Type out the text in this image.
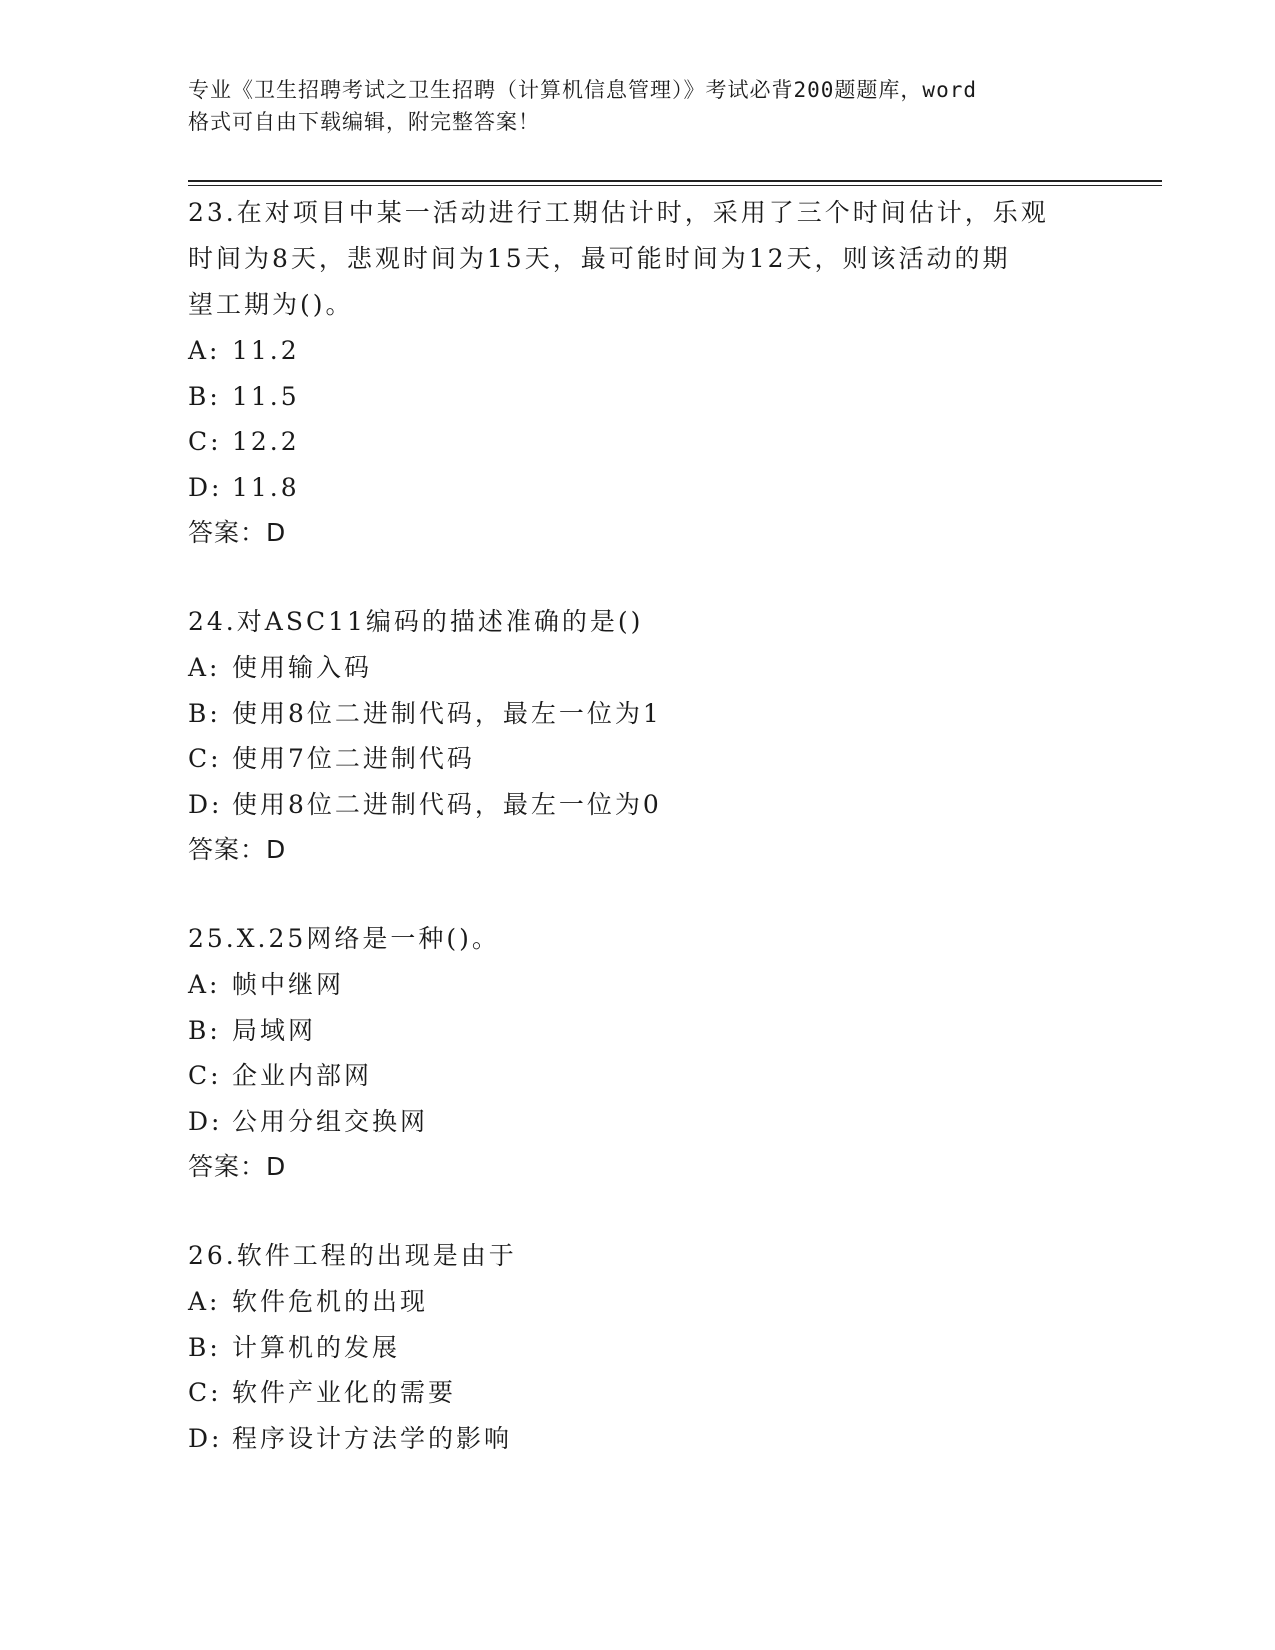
专业《卫生招聘考试之卫生招聘（计算机信息管理）》考试必背200题题库，word
格式可自由下载编辑，附完整答案！

23.在对项目中某一活动进行工期估计时，采用了三个时间估计，乐观

时间为8天，悲观时间为15天，最可能时间为12天，则该活动的期

望工期为()。

A: 11.2
B: 11.5
C: 12.2
D: 11.8

答案：D

24.对ASC11编码的描述准确的是()

A: 使用输入码
B: 使用8位二进制代码，最左一位为1
C: 使用7位二进制代码
D: 使用8位二进制代码，最左一位为0

答案：D

25.X.25网络是一种()。

A: 帧中继网
B: 局域网
C: 企业内部网
D: 公用分组交换网

答案：D

26.软件工程的出现是由于

A: 软件危机的出现
B: 计算机的发展
C: 软件产业化的需要
D: 程序设计方法学的影响
